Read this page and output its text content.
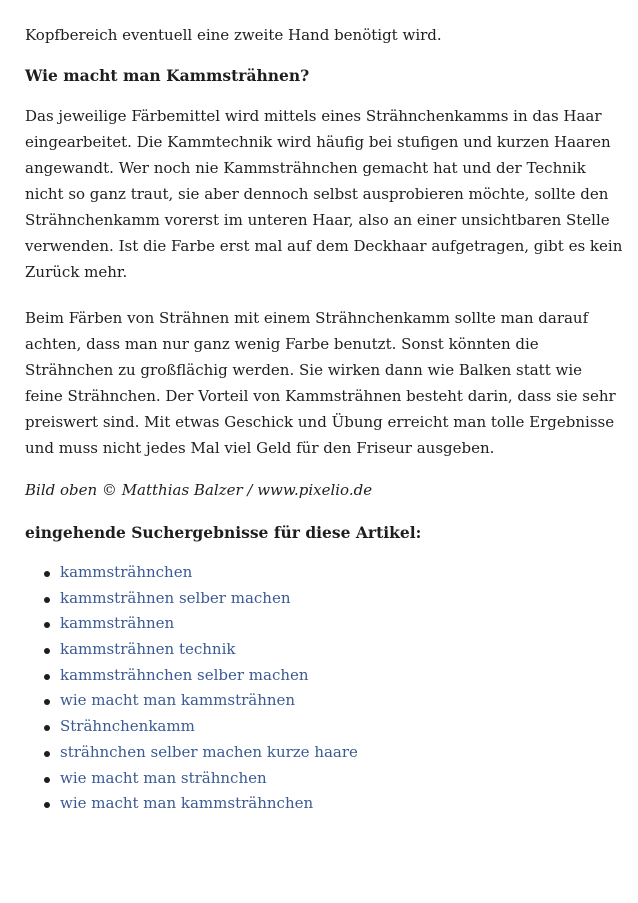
Kopfbereich eventuell eine zweite Hand benötigt wird.
Wie macht man Kammsträhnen?

Das jeweilige Färbemittel wird mittels eines Strähnchenkamms in das Haar
eingearbeitet. Die Kammtechnik wird häufig bei stufigen und kurzen Haaren
angewandt. Wer noch nie Kammsträhnchen gemacht hat und der Technik
nicht so ganz traut, sie aber dennoch selbst ausprobieren möchte, sollte den
Strähnchenkamm vorerst im unteren Haar, also an einer unsichtbaren Stelle
verwenden. Ist die Farbe erst mal auf dem Deckhaar aufgetragen, gibt es kein
Zurück mehr.

Beim Färben von Strähnen mit einem Strähnchenkamm sollte man darauf
achten, dass man nur ganz wenig Farbe benutzt. Sonst könnten die
Strähnchen zu großflächig werden. Sie wirken dann wie Balken statt wie
feine Strähnchen. Der Vorteil von Kammsträhnen besteht darin, dass sie sehr
preiswert sind. Mit etwas Geschick und Übung erreicht man tolle Ergebnisse
und muss nicht jedes Mal viel Geld für den Friseur ausgeben.

Bild oben © Matthias Balzer / www.pixelio.de
eingehende Suchergebnisse für diese Artikel:
kammsträhnchen
kammsträhnen selber machen
kammsträhnen
kammsträhnen technik
kammsträhnchen selber machen
wie macht man kammsträhnen
Strähnchenkamm
strähnchen selber machen kurze haare
wie macht man strähnchen
wie macht man kammsträhnchen
